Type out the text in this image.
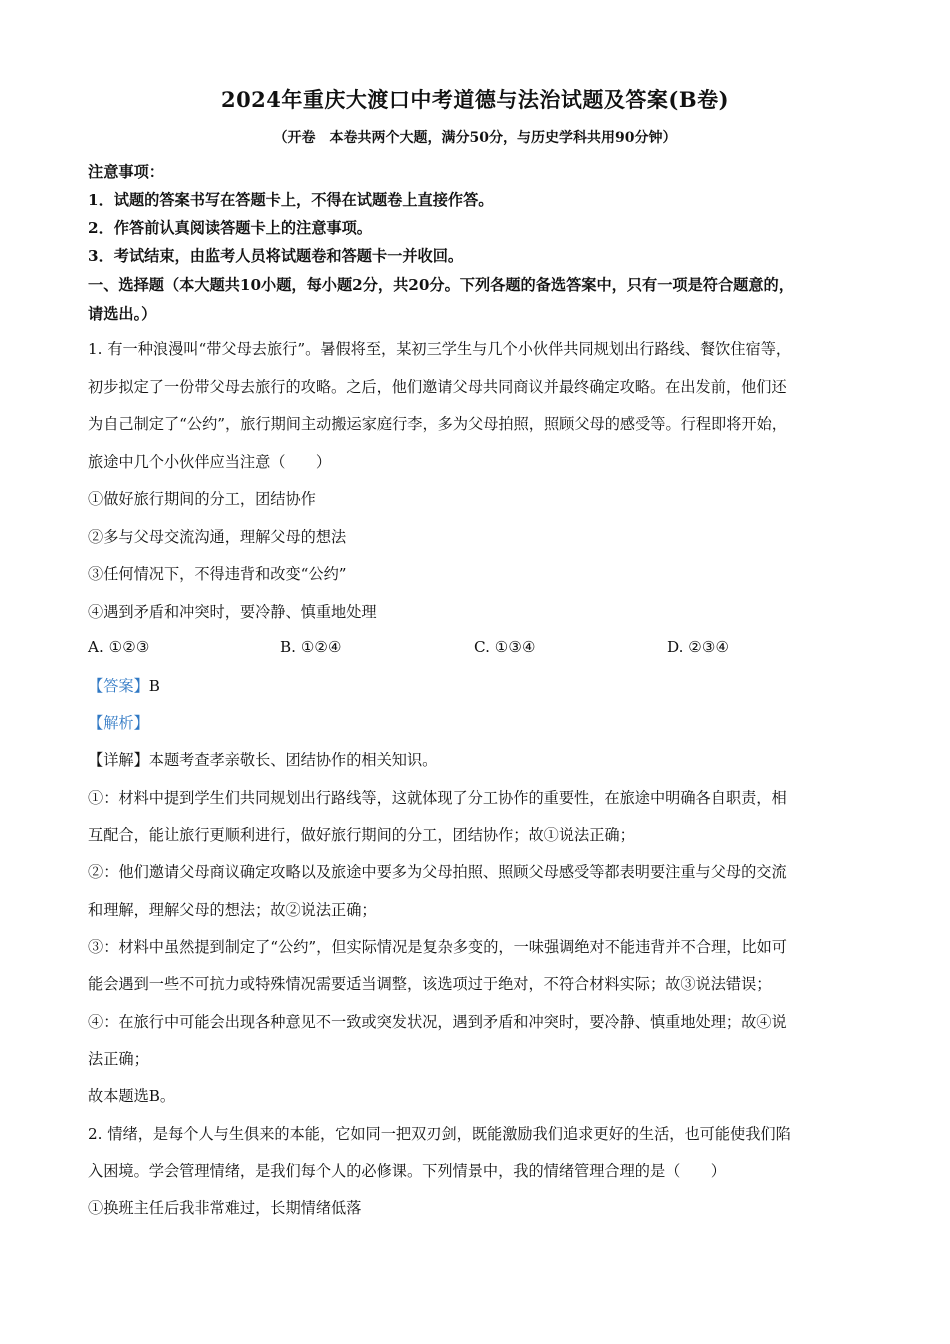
2024年重庆大渡口中考道德与法治试题及答案(B卷)
（开卷　本卷共两个大题，满分50分，与历史学科共用90分钟）
注意事项：
1．试题的答案书写在答题卡上，不得在试题卷上直接作答。
2．作答前认真阅读答题卡上的注意事项。
3．考试结束，由监考人员将试题卷和答题卡一并收回。
一、选择题（本大题共10小题，每小题2分，共20分。下列各题的备选答案中，只有一项是符合题意的，
请选出。）
1. 有一种浪漫叫“带父母去旅行”。暑假将至，某初三学生与几个小伙伴共同规划出行路线、餐饮住宿等，
初步拟定了一份带父母去旅行的攻略。之后，他们邀请父母共同商议并最终确定攻略。在出发前，他们还
为自己制定了“公约”，旅行期间主动搬运家庭行李，多为父母拍照，照顾父母的感受等。行程即将开始，
旅途中几个小伙伴应当注意（　　）
①做好旅行期间的分工，团结协作
②多与父母交流沟通，理解父母的想法
③任何情况下，不得违背和改变“公约”
④遇到矛盾和冲突时，要冷静、慎重地处理
A. ①②③	B. ①②④	C. ①③④	D. ②③④
【答案】B
【解析】
【详解】本题考查孝亲敬长、团结协作的相关知识。
①：材料中提到学生们共同规划出行路线等，这就体现了分工协作的重要性，在旅途中明确各自职责，相
互配合，能让旅行更顺利进行，做好旅行期间的分工，团结协作；故①说法正确；
②：他们邀请父母商议确定攻略以及旅途中要多为父母拍照、照顾父母感受等都表明要注重与父母的交流
和理解，理解父母的想法；故②说法正确；
③：材料中虽然提到制定了“公约”，但实际情况是复杂多变的，一味强调绝对不能违背并不合理，比如可
能会遇到一些不可抗力或特殊情况需要适当调整，该选项过于绝对，不符合材料实际；故③说法错误；
④：在旅行中可能会出现各种意见不一致或突发状况，遇到矛盾和冲突时，要冷静、慎重地处理；故④说
法正确；
故本题选B。
2. 情绪，是每个人与生俱来的本能，它如同一把双刃剑，既能激励我们追求更好的生活，也可能使我们陷
入困境。学会管理情绪，是我们每个人的必修课。下列情景中，我的情绪管理合理的是（　　）
①换班主任后我非常难过，长期情绪低落
